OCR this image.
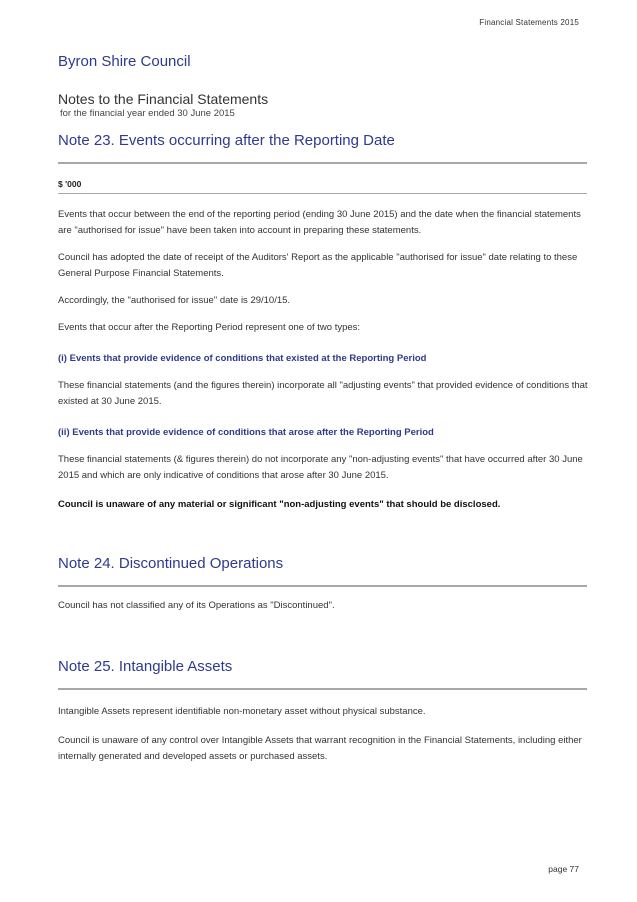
Financial Statements 2015
Byron Shire Council
Notes to the Financial Statements
for the financial year ended 30 June 2015
Note 23. Events occurring after the Reporting Date
$ '000
Events that occur between the end of the reporting period (ending 30 June 2015) and the date when the financial statements are "authorised for issue" have been taken into account in preparing these statements.
Council has adopted the date of receipt of the Auditors' Report as the applicable "authorised for issue" date relating to these General Purpose Financial Statements.
Accordingly, the "authorised for issue" date is 29/10/15.
Events that occur after the Reporting Period represent one of two types:
(i) Events that provide evidence of conditions that existed at the Reporting Period
These financial statements (and the figures therein) incorporate all "adjusting events" that provided evidence of conditions that existed at 30 June 2015.
(ii) Events that provide evidence of conditions that arose after the Reporting Period
These financial statements (& figures therein) do not incorporate any "non-adjusting events" that have occurred after 30 June 2015 and which are only indicative of conditions that arose after 30 June 2015.
Council is unaware of any material or significant "non-adjusting events" that should be disclosed.
Note 24. Discontinued Operations
Council has not classified any of its Operations as "Discontinued".
Note 25. Intangible Assets
Intangible Assets represent identifiable non-monetary asset without physical substance.
Council is unaware of any control over Intangible Assets that warrant recognition in the Financial Statements, including either internally generated and developed assets or purchased assets.
page 77
